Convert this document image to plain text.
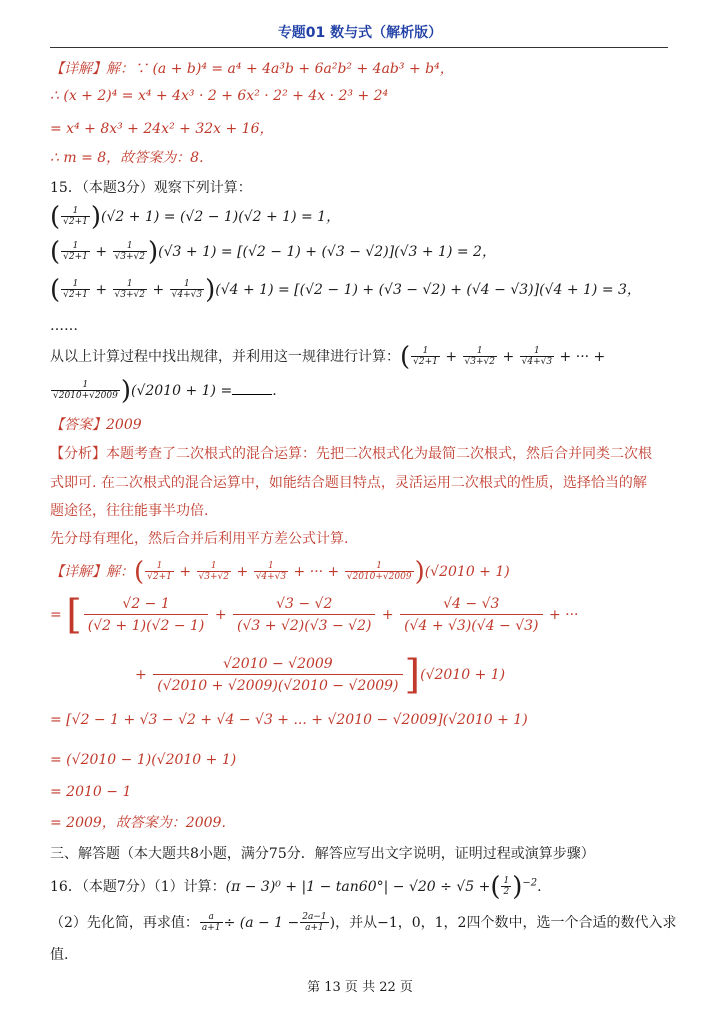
专题01 数与式（解析版）
【详解】解：∵ (a + b)⁴ = a⁴ + 4a³b + 6a²b² + 4ab³ + b⁴，
∴ (x + 2)⁴ = x⁴ + 4x³ · 2 + 6x² · 2² + 4x · 2³ + 2⁴
= x⁴ + 8x³ + 24x² + 32x + 16，
∴ m = 8，故答案为：8.
15．（本题3分）观察下列计算：
( $\frac{1}{√2+1} )(√2 + 1) = (√2 - 1)(√2 + 1) = 1$，
( $\frac{1}{√2+1} + \frac{1}{√3+√2} )(√3 + 1) = [(√2 - 1) + (√3 - √2)](√3 + 1) = 2$，
( $\frac{1}{√2+1} + \frac{1}{√3+√2} + \frac{1}{√4+√3} )(√4 + 1) = [(√2 - 1) + (√3 - √2) + (√4 - √3)](√4 + 1) = 3$，
……
从以上计算过程中找出规律，并利用这一规律进行计算：( $\frac{1}{√2+1} + \frac{1}{√3+√2} + \frac{1}{√4+√3}$ + ··· +
$\frac{1}{√2010+√2009} )(√2010 + 1)$ =	.
【答案】2009
【分析】本题考查了二次根式的混合运算：先把二次根式化为最简二次根式，然后合并同类二次根
式即可. 在二次根式的混合运算中，如能结合题目特点，灵活运用二次根式的性质，选择恰当的解
题途径，往往能事半功倍.
先分母有理化，然后合并后利用平方差公式计算.
【详解】解：( $\frac{1}{√2+1} + \frac{1}{√3+√2} + \frac{1}{√4+√3}$ + ··· + $\frac{1}{√2010+√2009} )(√2010 + 1)$
= [ $\frac{√2 - 1}{(√2 + 1)(√2 - 1)} + \frac{√3 - √2}{(√3 + √2)(√3 - √2)} + \frac{√4 - √3}{(√4 + √3)(√4 - √3)}$ + ···
+ $\frac{√2010 - √2009}{(√2010 + √2009)(√2010 - √2009)} ](√2010 + 1)$
= [√2 − 1 + √3 − √2 + √4 − √3 + ... + √2010 − √2009](√2010 + 1)
= (√2010 − 1)(√2010 + 1)
= 2010 − 1
= 2009，故答案为：2009.
三、解答题（本大题共8小题，满分75分．解答应写出文字说明，证明过程或演算步骤）
16．（本题7分）（1）计算：(π − 3)⁰ + |1 − tan60°| − √20 ÷ √5 +( $\frac{1}{2} )^{-2}$.
（2）先化简，再求值： $\frac{a}{a+1} \div (a - 1 - \frac{2a-1}{a+1}$ )，并从−1，0，1，2四个数中，选一个合适的数代入求
值.
第 13 页 共 22 页
